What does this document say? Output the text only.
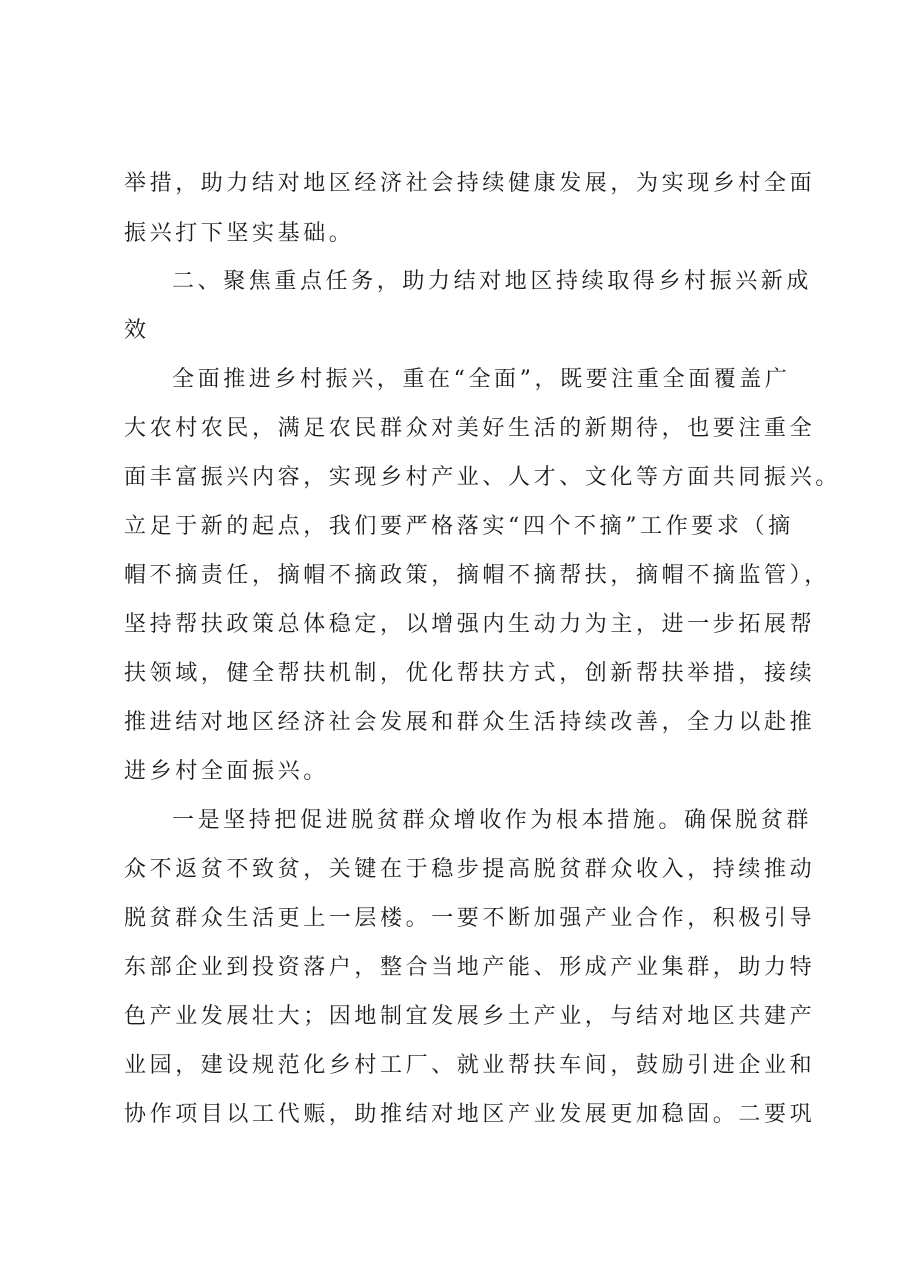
举措，助力结对地区经济社会持续健康发展，为实现乡村全面
振兴打下坚实基础。
二、聚焦重点任务，助力结对地区持续取得乡村振兴新成
效
全面推进乡村振兴，重在“全面”，既要注重全面覆盖广
大农村农民，满足农民群众对美好生活的新期待，也要注重全
面丰富振兴内容，实现乡村产业、人才、文化等方面共同振兴。
立足于新的起点，我们要严格落实“四个不摘”工作要求（摘
帽不摘责任，摘帽不摘政策，摘帽不摘帮扶，摘帽不摘监管），
坚持帮扶政策总体稳定，以增强内生动力为主，进一步拓展帮
扶领域，健全帮扶机制，优化帮扶方式，创新帮扶举措，接续
推进结对地区经济社会发展和群众生活持续改善，全力以赴推
进乡村全面振兴。
一是坚持把促进脱贫群众增收作为根本措施。确保脱贫群
众不返贫不致贫，关键在于稳步提高脱贫群众收入，持续推动
脱贫群众生活更上一层楼。一要不断加强产业合作，积极引导
东部企业到投资落户，整合当地产能、形成产业集群，助力特
色产业发展壮大；因地制宜发展乡土产业，与结对地区共建产
业园，建设规范化乡村工厂、就业帮扶车间，鼓励引进企业和
协作项目以工代赈，助推结对地区产业发展更加稳固。二要巩
